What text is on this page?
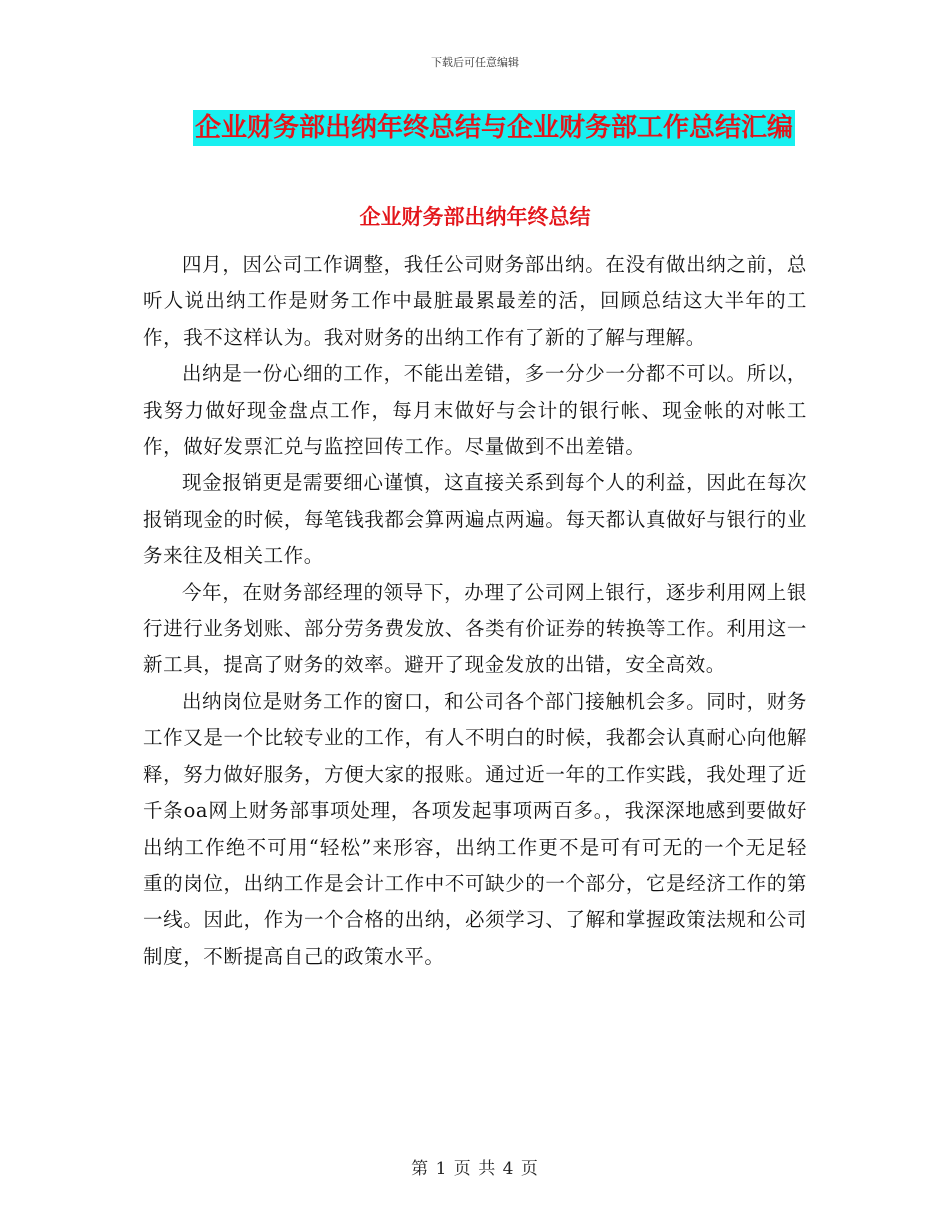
下载后可任意编辑
企业财务部出纳年终总结与企业财务部工作总结汇编
企业财务部出纳年终总结

四月，因公司工作调整，我任公司财务部出纳。在没有做出纳之前，总听人说出纳工作是财务工作中最脏最累最差的活，回顾总结这大半年的工作，我不这样认为。我对财务的出纳工作有了新的了解与理解。

出纳是一份心细的工作，不能出差错，多一分少一分都不可以。所以，我努力做好现金盘点工作，每月末做好与会计的银行帐、现金帐的对帐工作，做好发票汇兑与监控回传工作。尽量做到不出差错。

现金报销更是需要细心谨慎，这直接关系到每个人的利益，因此在每次报销现金的时候，每笔钱我都会算两遍点两遍。每天都认真做好与银行的业务来往及相关工作。

今年，在财务部经理的领导下，办理了公司网上银行，逐步利用网上银行进行业务划账、部分劳务费发放、各类有价证券的转换等工作。利用这一新工具，提高了财务的效率。避开了现金发放的出错，安全高效。

出纳岗位是财务工作的窗口，和公司各个部门接触机会多。同时，财务工作又是一个比较专业的工作，有人不明白的时候，我都会认真耐心向他解释，努力做好服务，方便大家的报账。通过近一年的工作实践，我处理了近千条oa网上财务部事项处理，各项发起事项两百多。，我深深地感到要做好出纳工作绝不可用“轻松”来形容，出纳工作更不是可有可无的一个无足轻重的岗位，出纳工作是会计工作中不可缺少的一个部分，它是经济工作的第一线。因此，作为一个合格的出纳，必须学习、了解和掌握政策法规和公司制度，不断提高自己的政策水平。

第 1 页 共 4 页
